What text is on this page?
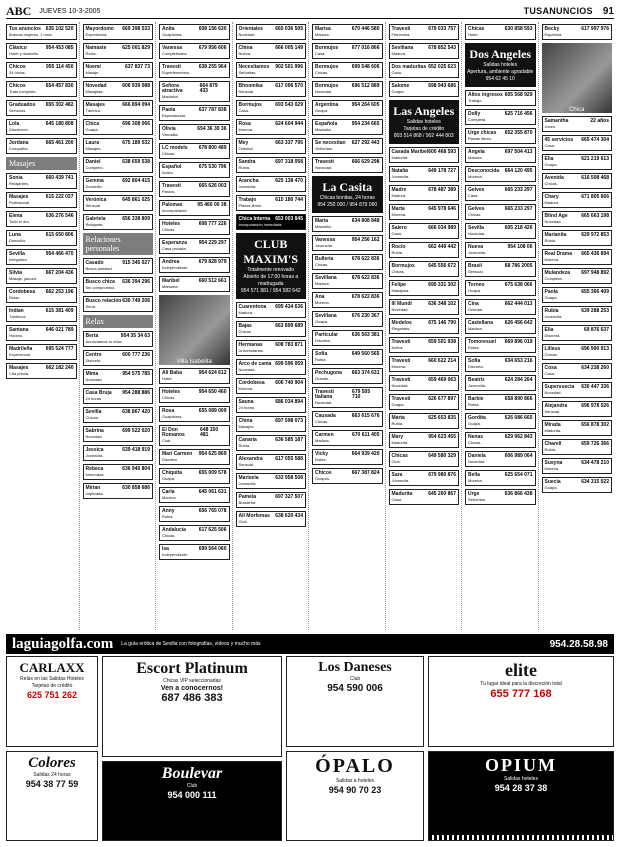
ABC JUEVES 10-3-2005	TUSANUNCIOS 91
Tus anuncios 635 102 520
Buenas mujeres, 1 hora.
Clásico	954 453 085
Hotel y domicilio.
Chicos	955 114 450
24 horas.
Chicos	654 457 830
Trato completo.
Graduados 655 302 482
Servicios.
Lola	645 180 808
Discreción.
Jordana	665 461 200
Compañía.
Masajes
Sonia	660 439 741
Relajantes.
Masajes	615 222 037
Profesional.
Elena	636 276 546
Todo el día.
Luna	615 650 806
Domicilio.
Sevilla	954 466 470
Integrales.
Silvia	667 204 436
Masaje, jacuzzi.
Cordobesa 662 253 196
Relax.
Indian	615 381 409
Tántricos.
Santana	646 021 789
Horario.
Madrileña	695 524 777
Experiencia.
Masajes	662 182 240
Cita previa.
Mayordomo 669 398 533
Experiencia.
Namaste	625 001 829
Relax.
Noemí	637 837 73
Masaje.
Novedad	606 939 088
Masajista.
Masajes	666 894 094
Tántrico.
Chica	696 308 066
Guapa.
Laura	675 189 532
Masajes.
Daniel	638 659 538
Completo.
Gemma	692 804 415
Domicilio.
Verónica	645 861 025
Sensual.
Gabriela	656 338 809
Relajante.
Relaciones personales
Casado	915 345 027
Busca amistad.
Busco chica 636 394 296
Sin compromiso.
Busco relación 630 749 206
Seria.
Relax
Berta	954 35 34 63
Anunciamos tu relax.
Centro	600 777 236
Discreto.
Mima	954 575 785
Novedad.
Casa Bruja 954 288 886
24 horas.
Sevilla	638 867 420
Chicas.
Sabrina	699 522 020
Novedad.
Jessica	639 418 919
Jovencita.
Rebeca	636 940 804
Morenaza.
Mirian	630 858 686
Implicada.
Anita	608 156 630
Guapísima.
Vanessa	679 956 606
Completísima.
Travesti	638 255 964
Superfemenino.
Señora atractiva
664 879 433
Madurita.
Paola	637 787 838
Espectacular.
Olivia	654 36 39 36
Viciosilla.
LC models 678 800 489
Chicas.
Español	675 530 796
Activo.
Travesti	665 626 003
Pasiva.
Palomas	95 460 00 38
Acompañante.
Hoteles	608 777 226
Chicas.
Esperanza 954 229 297
Casa privada.
Andrea	679 828 979
Independiente.
Maribel	660 512 661
Madurita.
Villa Isabelita
Ali Baba	954 624 612
Hotel.
Hoteles	954 650 460
Chicas.
Rosa	655 089 009
Guapísima.
El Don Romanos
648 150 481
Club.
Mari Carmen 954 625 869
Discreta.
Chiquita	655 009 578
Guapa.
Carla	645 061 631
Morena.
Anny	656 765 078
Rubia.
Andalucía	617 625 506
Chicas.
Isa	699 564 060
Independiente.
Orientales 665 036 505
Novedad.
China	666 005 149
Nueva.
Necesitamos 902 501 996
Señoritas.
Bhoomika	617 006 570
Sensual.
Bormujos	693 543 029
Casa.
Rosa	624 604 944
Morena.
Mey	663 337 795
Oriental.
Sandra	697 318 058
Rubia.
Arancha	625 138 470
Jovencita.
Trabajo	615 180 744
Plazas libres.
Chica Interna 653 003 845
Incorporación inmediata.
CLUB MAXIM'S
Totalmente renovado
Abierto de 17:00 horas a madrugada
954 571 881 / 954 582 642
Cuarentona 695 434 636
Madura.
Bajas	663 899 689
Chicas.
Hermanas	608 783 871
Universitarias.
Arco de cama 699 596 059
Novedad.
Cordobesa 606 740 904
Morena.
Sauna	686 034 894
24 horas.
China	697 598 073
Masajes.
Canaria	636 585 187
Rubia.
Alexandra	617 055 588
Sensual.
Marisela	633 958 508
Jovencita.
Pamela	697 327 507
Brasileña.
All Morfemas 638 620 434
Club.
Marisa	670 446 580
Madura.
Bormujos	677 016 866
Casa.
Bormujos	699 548 606
Chicas.
Bormujos	696 512 889
Novedad.
Argentina	954 264 605
Guapa.
Española	954 234 665
Madurita.
Se necesitan 627 292 443
Señoritas.
Travesti	666 629 298
Novedad.
La Casita
Chicas bonitas, 24 horas
954 250 000 / 954 879 060
María	634 808 848
Madurita.
Vanessa	954 256 162
Jovencita.
Bulleria	678 622 836
Chicas.
Sevillana	678 622 836
Madura.
Ana	678 622 836
Morena.
Sevillana	676 230 367
Guapa.
Particular	636 563 381
Discreta.
Sofía	649 560 565
Rubia.
Pechugona 663 374 631
Grande.
Travesti Italiana
679 505 710
Novedad.
Causada	663 615 676
Chicas.
Carmen	670 611 405
Madura.
Vicky	664 939 420
Rubia.
Chicos	667 387 824
Guapos.
Travesti	679 033 757
Femenina.
Sevillana	678 852 543
Madura.
Dos maduritas 652 025 623
Casa.
Salome	698 943 686
Guapa.
Las Angeles
Salidas hoteles
Tarjetas de crédito
803 514 868 / 902 444 803
Casada Maribel 600 468 593
Madurita.
Natalia	649 178 727
Jovencita.
Madre	678 487 389
Madura.
Marta	645 978 646
Morena.
Salero	666 034 989
Casa.
Rocío	662 449 442
Rubia.
Bormujos	645 556 672
Chicas.
Felipe	695 331 302
Masajista.
Ill Mundi	636 348 102
Novedad.
Modelos	675 146 790
Elegantes.
Travesti	659 501 938
Activa.
Travesti	660 622 214
Morena.
Travesti	659 469 063
Novedad.
Travesti	626 677 897
Guapa.
Marta	625 653 835
Rubia.
Mary	954 623 455
Madurita.
Chicas	649 580 329
Club.
Sara	679 980 876
Jovencita.
Madurita	645 260 867
Casa.
Chicas	630 858 593
Hotel.
Dos Angeles
Salidas hoteles
Apertura, ambiente agradable
954 62 45 10
Altos ingresos 605 568 929
Trabajo.
Dolly	625 716 456
Completa.
Urge chicas 652 355 870
Plazas libres.
Angela	697 504 413
Madura.
Desconocida 664 120 495
Morena.
Gelves	665 233 297
Casa.
Gelves	665 233 297
Chicas.
Sevilla	605 218 426
Novedad.
Nueva	954 108 06
Jovencita.
Brasil	68 786 2005
Sensual.
Torneo	675 638 066
Guapa.
Cina	662 444 013
Oriental.
Castellana 626 456 643
Madura.
Tomoresuel 669 896 019
Rubia.
Sofía	634 653 216
Discreta.
Beatriz	624 284 264
Jovencita.
Barbie	658 890 866
Rubia.
Gordita	626 086 665
Guapa.
Nenas	629 962 843
Chicas.
Daniela	606 989 064
Novedad.
Bella	625 654 071
Morena.
Urge	636 866 438
Señoritas.
Becky	617 997 976
Española.
Chica
Samantha	22 años
Joven.
45 servicios 665 474 304
Casa.
Elia	621 219 613
Guapa.
Avenida	616 508 468
Chicas.
Chary	671 805 666
Madura.
Blind Age	665 663 198
Novedad.
Marianita	629 972 853
Rubia.
Real Drama 665 436 894
Morena.
Mulandeza 697 948 892
Completa.
Paola	655 366 409
Guapa.
Rubia	639 288 253
Jovencita.
Elia	69 876 637
Discreta.
Lilleus	696 990 913
Chicas.
Cosa	634 238 260
Casa.
Supersuecia 630 447 336
Novedad.
Alejandra	696 978 026
Sensual.
Mirada	656 878 302
Madurita.
Charell	659 726 366
Rubia.
Susyna	634 478 210
Morena.
Suecia	634 315 022
Guapa.
laguiagolfa.com La guía erótica de Sevilla con fotografías, vídeos y mucho más	954.28.58.98
CARLAXX
Relax en las Salidas Hoteles
Tarjetas de crédito
625 751 262
Colores
Salidas 24 horas
954 38 77 59
Escort Platinum
Chicas VIP seleccionadas
Ven a conocernos!
687 486 383
Boulevar
Club
954 000 111
Los Daneses
Club
954 590 006
ÓPALO
Salidas a hoteles
954 90 70 23
elite
Tu lugar ideal para la discreción total
655 777 168
OPIUM
Salidas hoteles
954 28 37 38
